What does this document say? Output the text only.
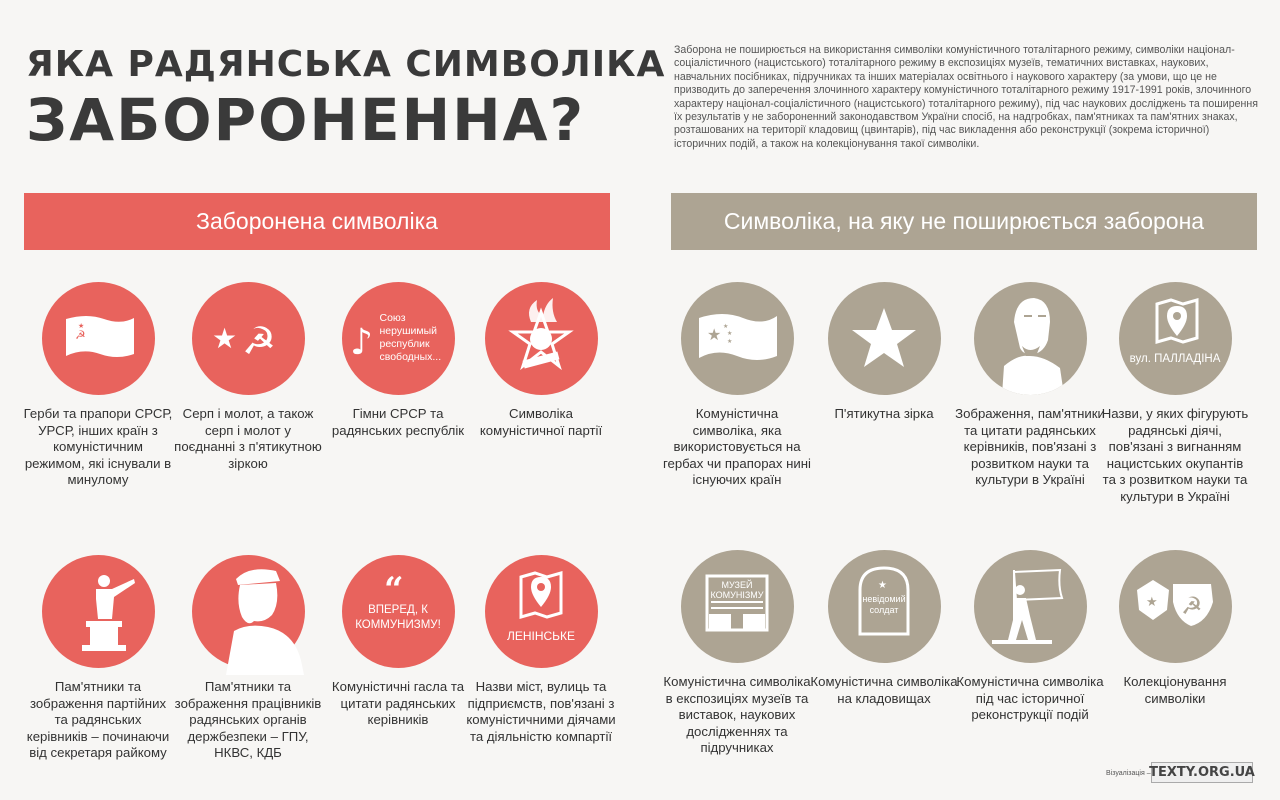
ЯКА РАДЯНСЬКА СИМВОЛІКА
ЗАБОРОНЕННА?
Заборона не поширюється на використання символіки комуністичного тоталітарного режиму, символіки націонал-соціалістичного (нацистського) тоталітарного режиму в експозиціях музеїв, тематичних виставках, наукових, навчальних посібниках, підручниках та інших матеріалах освітнього і наукового характеру (за умови, що це не призводить до заперечення злочинного характеру комуністичного тоталітарного режиму 1917-1991 років, злочинного характеру націонал-соціалістичного (нацистського) тоталітарного режиму), під час наукових досліджень та поширення їх результатів у не забороненний законодавством України спосіб, на надгробках, пам'ятниках та пам'ятних знаках, розташованих на території кладовищ (цвинтарів), під час викладення або реконструкції (зокрема історичної) історичних подій, а також на колекціонування такої символіки.
Заборонена символіка	Символіка, на яку не поширюється заборона
☭
★
Герби та прапори СРСР, УРСР, інших країн з комуністичним режимом, які існували в минулому
★ ☭
Серп і молот, а також серп і молот у поєднанні з п'ятикутною зіркою
♪
Союз нерушимый республик свободных...
Гімни СРСР та радянських республік
Символіка комуністичної партії
★ ★
★
★
Комуністична символіка, яка використовується на гербах чи прапорах нині існуючих країн
П'ятикутна зірка	Зображення, пам'ятники та цитати радянських керівників, пов'язані з розвитком науки та культури в Україні
вул. ПАЛЛАДІНА
Назви, у яких фігурують радянські діячі, пов'язані з вигнанням нацистських окупантів та з розвитком науки та культури в Україні
Пам'ятники та зображення партійних та радянських керівників – починаючи від секретаря райкому
Пам'ятники та зображення працівників радянських органів держбезпеки – ГПУ, НКВС, КДБ
“
ВПЕРЕД, К КОММУНИЗМУ!
Комуністичні гасла та цитати радянських керівників
ЛЕНІНСЬКЕ
Назви міст, вулиць та підприємств, пов'язані з комуністичними діячами та діяльністю компартії
МУЗЕЙ КОМУНІЗМУ
Комуністична символіка в експозиціях музеїв та виставок, наукових дослідженнях та підручниках
★
невідомий солдат
Комуністична символіка на кладовищах
Комуністична символіка під час історичної реконструкції подій
★ ☭
Колекціонування символіки
Візуалізація –
TEXTY.ORG.UA
